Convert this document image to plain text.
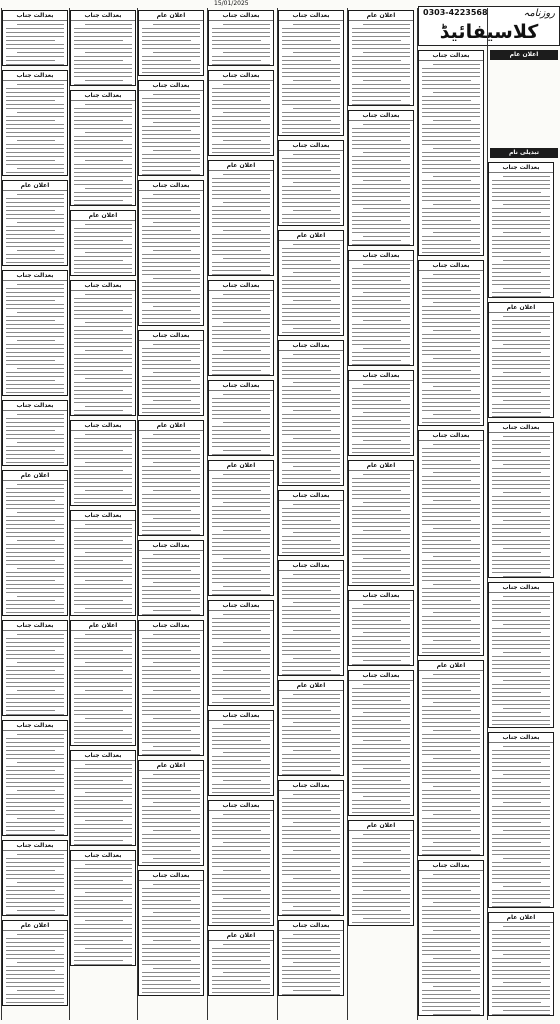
15/01/2025
0303-4223568	روزنامہ
کلاسیفائیڈ
اعلان عام
تبدیلی نام
بعدالت جناب
بعدالت جناب
اعلان عام
بعدالت جناب
بعدالت جناب
اعلان عام
بعدالت جناب
بعدالت جناب
بعدالت جناب
اعلان عام
بعدالت جناب
بعدالت جناب
اعلان عام
بعدالت جناب
بعدالت جناب
بعدالت جناب
اعلان عام
بعدالت جناب
بعدالت جناب
اعلان عام
بعدالت جناب
بعدالت جناب
بعدالت جناب
اعلان عام
بعدالت جناب
بعدالت جناب
اعلان عام
بعدالت جناب
بعدالت جناب
بعدالت جناب
اعلان عام
بعدالت جناب
بعدالت جناب
اعلان عام
بعدالت جناب
بعدالت جناب
بعدالت جناب
اعلان عام
بعدالت جناب
بعدالت جناب
اعلان عام
بعدالت جناب
بعدالت جناب
بعدالت جناب
اعلان عام
بعدالت جناب
بعدالت جناب
اعلان عام
بعدالت جناب
بعدالت جناب
بعدالت جناب
اعلان عام
بعدالت جناب
بعدالت جناب
اعلان عام
بعدالت جناب
بعدالت جناب
بعدالت جناب
اعلان عام
بعدالت جناب
بعدالت جناب
اعلان عام
بعدالت جناب
بعدالت جناب
بعدالت جناب
اعلان عام
